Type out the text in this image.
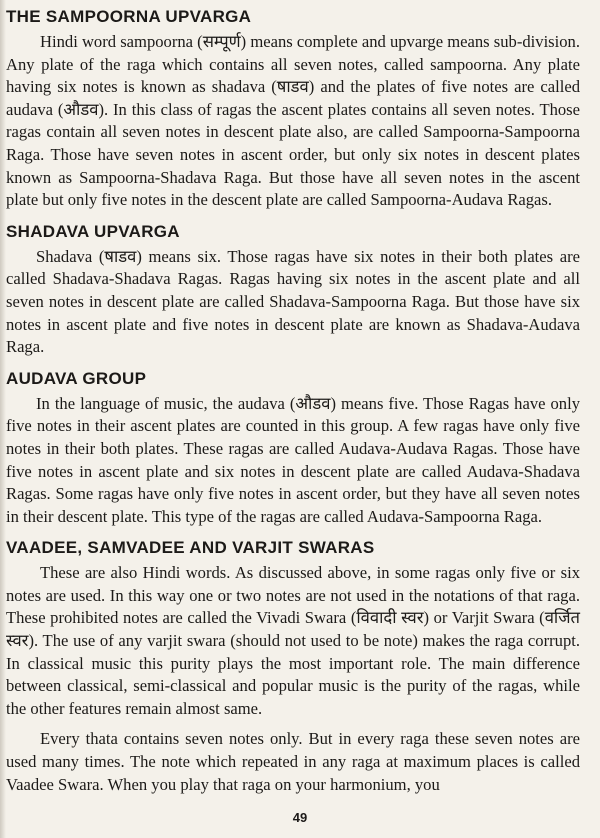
THE SAMPOORNA UPVARGA

Hindi word sampoorna (सम्पूर्ण) means complete and upvarge means sub-division. Any plate of the raga which contains all seven notes, called sampoorna. Any plate having six notes is known as shadava (षाडव) and the plates of five notes are called audava (औडव). In this class of ragas the ascent plates contains all seven notes. Those ragas contain all seven notes in descent plate also, are called Sampoorna-Sampoorna Raga. Those have seven notes in ascent order, but only six notes in descent plates known as Sampoorna-Shadava Raga. But those have all seven notes in the ascent plate but only five notes in the descent plate are called Sampoorna-Audava Ragas.

SHADAVA UPVARGA

Shadava (षाडव) means six. Those ragas have six notes in their both plates are called Shadava-Shadava Ragas. Ragas having six notes in the ascent plate and all seven notes in descent plate are called Shadava-Sampoorna Raga. But those have six notes in ascent plate and five notes in descent plate are known as Shadava-Audava Raga.

AUDAVA GROUP

In the language of music, the audava (औडव) means five. Those Ragas have only five notes in their ascent plates are counted in this group. A few ragas have only five notes in their both plates. These ragas are called Audava-Audava Ragas. Those have five notes in ascent plate and six notes in descent plate are called Audava-Shadava Ragas. Some ragas have only five notes in ascent order, but they have all seven notes in their descent plate. This type of the ragas are called Audava-Sampoorna Raga.

VAADEE, SAMVADEE AND VARJIT SWARAS

These are also Hindi words. As discussed above, in some ragas only five or six notes are used. In this way one or two notes are not used in the notations of that raga. These prohibited notes are called the Vivadi Swara (विवादी स्वर) or Varjit Swara (वर्जित स्वर). The use of any varjit swara (should not used to be note) makes the raga corrupt. In classical music this purity plays the most important role. The main difference between classical, semi-classical and popular music is the purity of the ragas, while the other features remain almost same.

Every thata contains seven notes only. But in every raga these seven notes are used many times. The note which repeated in any raga at maximum places is called Vaadee Swara. When you play that raga on your harmonium, you

49
